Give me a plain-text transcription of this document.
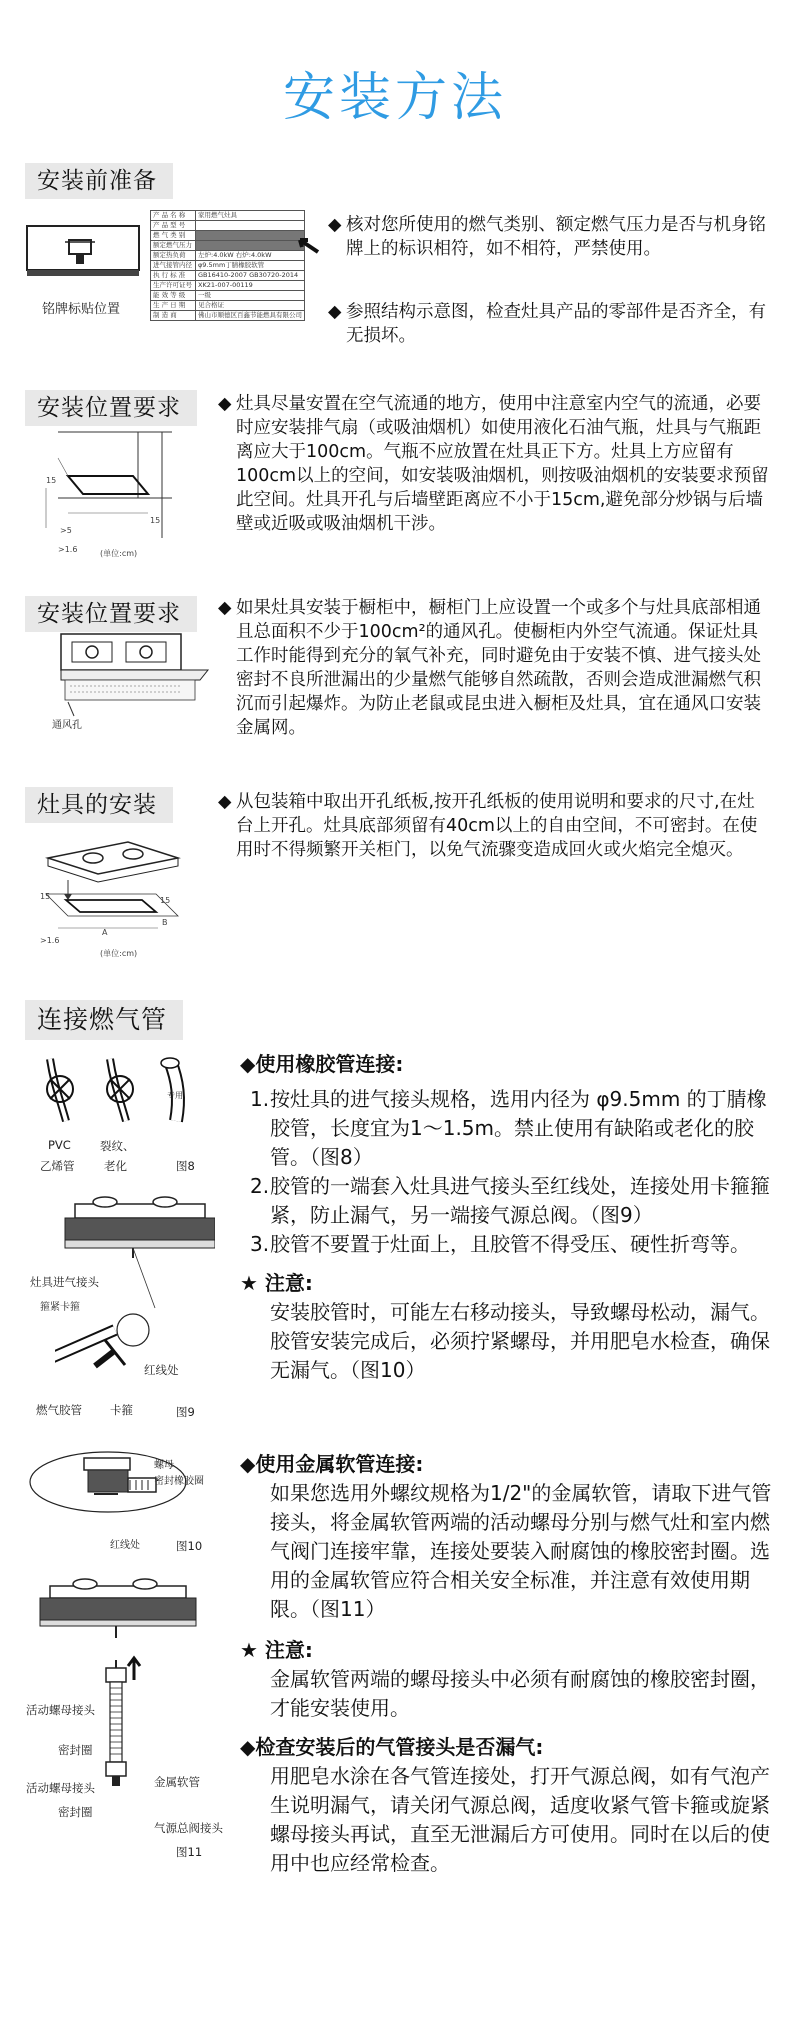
安装方法
安装前准备
铭牌标贴位置
产 品 名 称	家用燃气灶具
产 品 型 号	
燃 气 类 别	
额定燃气压力	
额定热负荷	左炉:4.0kW 右炉:4.0kW
进气接管内径	φ9.5mm丁腈橡胶软管
执 行 标 准	GB16410-2007 GB30720-2014
生产许可证号	XK21-007-00119
能 效 等 级	一级
生 产 日 期	见合格证
制 造 商	佛山市顺德区百鑫节能燃具有限公司
◆ 核对您所使用的燃气类别、额定燃气压力是否与机身铭牌上的标识相符，如不相符，严禁使用。
◆ 参照结构示意图，检查灶具产品的零部件是否齐全，有无损坏。
安装位置要求
15
>5
>1.6
15
(单位:cm)
◆ 灶具尽量安置在空气流通的地方，使用中注意室内空气的流通，必要时应安装排气扇（或吸油烟机）如使用液化石油气瓶，灶具与气瓶距离应大于100cm。气瓶不应放置在灶具正下方。灶具上方应留有100cm以上的空间，如安装吸油烟机，则按吸油烟机的安装要求预留此空间。灶具开孔与后墙壁距离应不小于15cm,避免部分炒锅与后墙壁或近吸或吸油烟机干涉。
安装位置要求
通风孔
◆ 如果灶具安装于橱柜中，橱柜门上应设置一个或多个与灶具底部相通且总面积不少于100cm²的通风孔。使橱柜内外空气流通。保证灶具工作时能得到充分的氧气补充，同时避免由于安装不慎、进气接头处密封不良所泄漏出的少量燃气能够自然疏散，否则会造成泄漏燃气积沉而引起爆炸。为防止老鼠或昆虫进入橱柜及灶具，宜在通风口安装金属网。
灶具的安装
15	15
>1.6
A
B
(单位:cm)
◆ 从包装箱中取出开孔纸板,按开孔纸板的使用说明和要求的尺寸,在灶台上开孔。灶具底部须留有40cm以上的自由空间，不可密封。在使用时不得频繁开关柜门，以免气流骤变造成回火或火焰完全熄灭。
连接燃气管
专用
PVC
乙烯管
裂纹、
老化	图8
灶具进气接头
箍紧卡箍
红线处
燃气胶管 卡箍	图9
螺母
密封橡胶圈
红线处	图10
活动螺母接头
密封圈
活动螺母接头
密封圈
金属软管
气源总阀接头
图11
◆使用橡胶管连接:
1. 按灶具的进气接头规格，选用内径为 φ9.5mm 的丁腈橡胶管，长度宜为1～1.5m。禁止使用有缺陷或老化的胶管。（图8）
2. 胶管的一端套入灶具进气接头至红线处，连接处用卡箍箍紧，防止漏气，另一端接气源总阀。（图9）
3. 胶管不要置于灶面上，且胶管不得受压、硬性折弯等。
★ 注意:
安装胶管时，可能左右移动接头，导致螺母松动，漏气。胶管安装完成后，必须拧紧螺母，并用肥皂水检查，确保无漏气。（图10）
◆使用金属软管连接:
如果您选用外螺纹规格为1/2"的金属软管，请取下进气管接头，将金属软管两端的活动螺母分别与燃气灶和室内燃气阀门连接牢靠，连接处要装入耐腐蚀的橡胶密封圈。选用的金属软管应符合相关安全标准，并注意有效使用期限。（图11）
★ 注意:
金属软管两端的螺母接头中必须有耐腐蚀的橡胶密封圈，才能安装使用。
◆检查安装后的气管接头是否漏气:
用肥皂水涂在各气管连接处，打开气源总阀，如有气泡产生说明漏气，请关闭气源总阀，适度收紧气管卡箍或旋紧螺母接头再试，直至无泄漏后方可使用。同时在以后的使用中也应经常检查。
